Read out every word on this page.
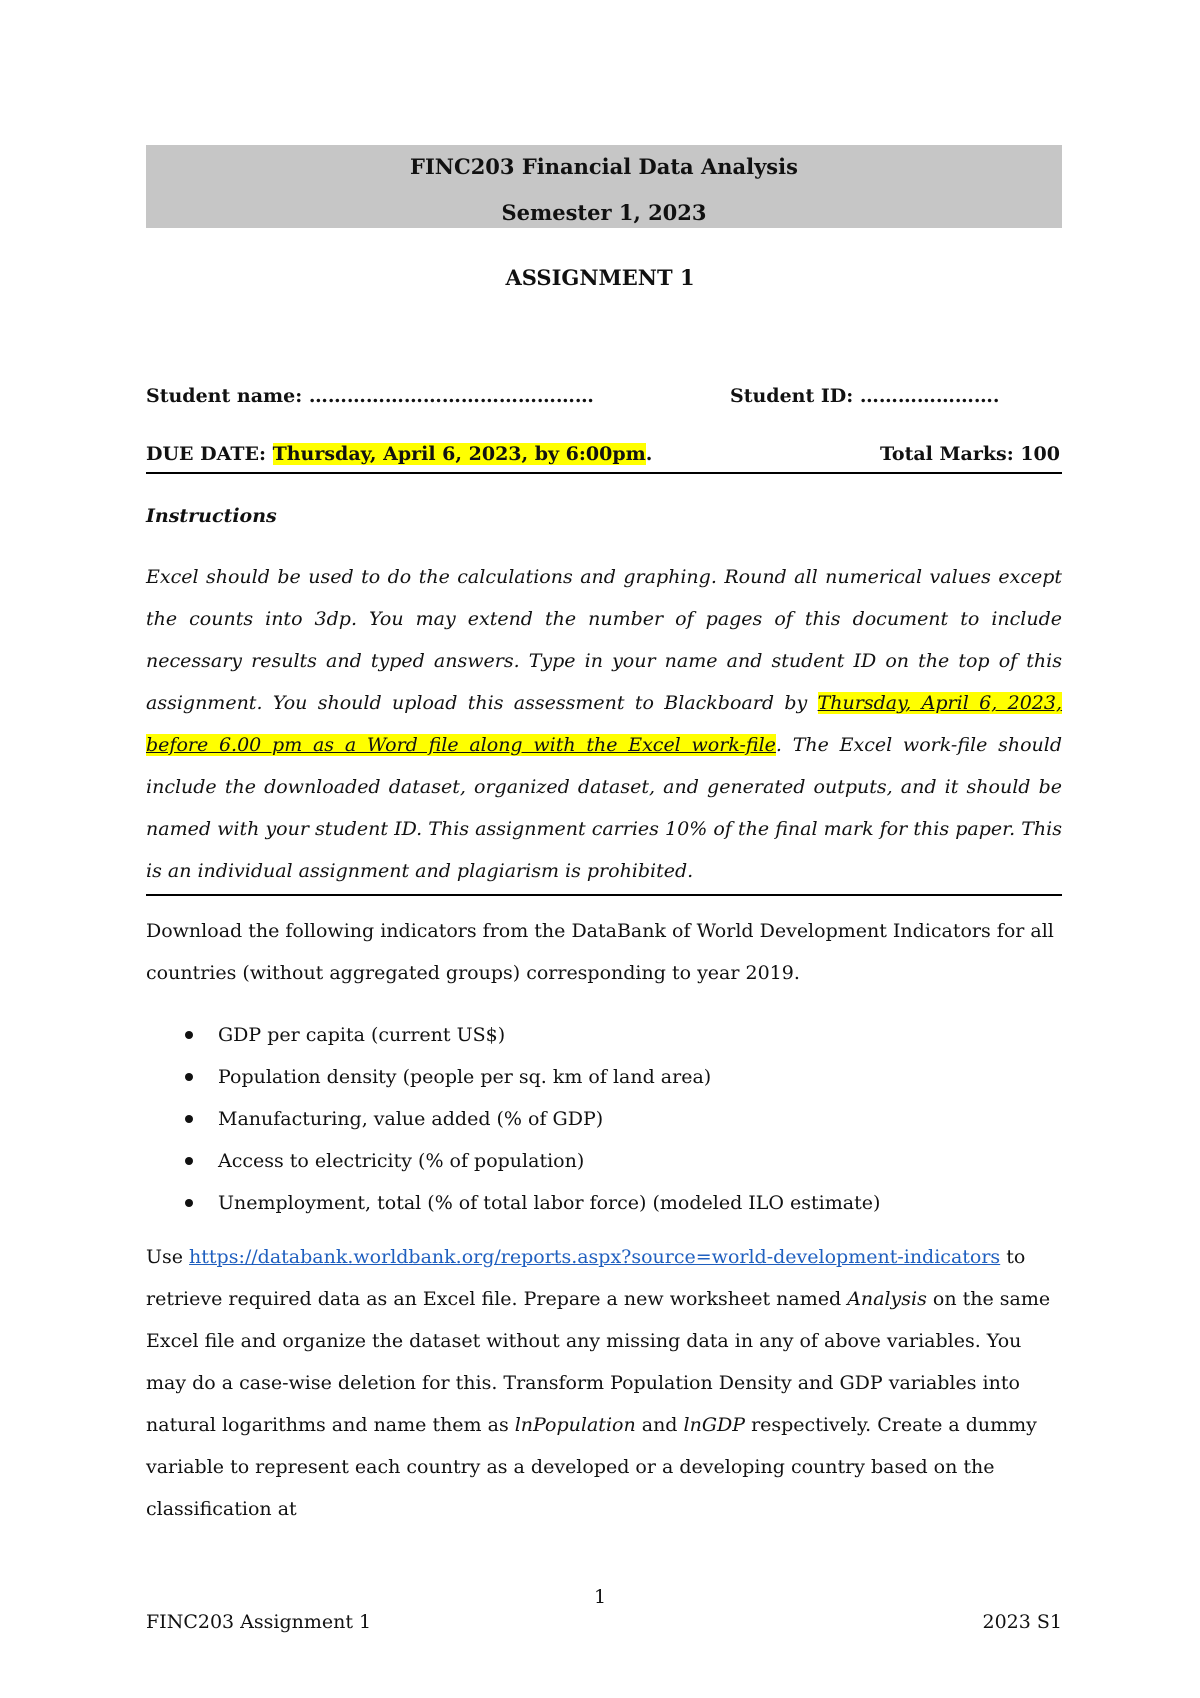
FINC203 Financial Data Analysis
Semester 1, 2023
ASSIGNMENT 1
Student name: ………………………………………	Student ID: ………………….
DUE DATE: Thursday, April 6, 2023, by 6:00pm.	Total Marks: 100
Instructions
Excel should be used to do the calculations and graphing. Round all numerical values except the counts into 3dp. You may extend the number of pages of this document to include necessary results and typed answers. Type in your name and student ID on the top of this assignment. You should upload this assessment to Blackboard by Thursday, April 6, 2023, before 6.00 pm as a Word file along with the Excel work-file. The Excel work-file should include the downloaded dataset, organized dataset, and generated outputs, and it should be named with your student ID. This assignment carries 10% of the final mark for this paper. This is an individual assignment and plagiarism is prohibited.
Download the following indicators from the DataBank of World Development Indicators for all countries (without aggregated groups) corresponding to year 2019.
GDP per capita (current US$)
Population density (people per sq. km of land area)
Manufacturing, value added (% of GDP)
Access to electricity (% of population)
Unemployment, total (% of total labor force) (modeled ILO estimate)
Use https://databank.worldbank.org/reports.aspx?source=world-development-indicators to retrieve required data as an Excel file. Prepare a new worksheet named Analysis on the same Excel file and organize the dataset without any missing data in any of above variables. You may do a case-wise deletion for this. Transform Population Density and GDP variables into natural logarithms and name them as lnPopulation and lnGDP respectively. Create a dummy variable to represent each country as a developed or a developing country based on the classification at
1
FINC203 Assignment 1	2023 S1
